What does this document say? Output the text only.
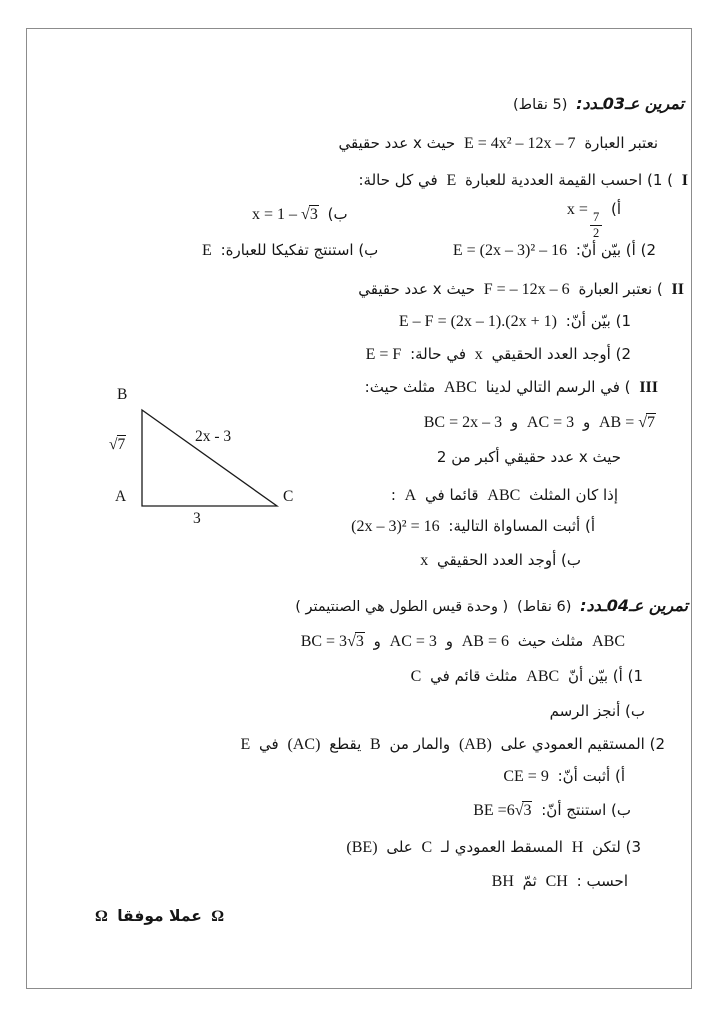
تمرين عـ03ـدد: (5 نقاط)
نعتبر العبارة E = 4x² – 12x – 7 حيث x عدد حقيقي
I ) 1) احسب القيمة العددية للعبارة E في كل حالة:
أ) x =
$\frac{7}{2}$
ب) x = 1 – √3
2) أ) بيّن أنّ: E = (2x – 3)² – 16
ب) استنتج تفكيكا للعبارة: E
II ) نعتبر العبارة F = – 12x – 6 حيث x عدد حقيقي
1) بيّن أنّ: E – F = (2x – 1).(2x + 1)
2) أوجد العدد الحقيقي x في حالة: E = F
III ) في الرسم التالي لدينا ABC مثلث حيث:
AB = √7 و AC = 3 و BC = 2x – 3
حيث x عدد حقيقي أكبر من 2
إذا كان المثلث ABC قائما في A :
أ) أثبت المساواة التالية: (2x – 3)² = 16
ب) أوجد العدد الحقيقي x
B
A	C
√7	2x - 3
3
تمرين عـ04ـدد: (6 نقاط) ( وحدة قيس الطول هي الصنتيمتر )
ABC مثلث حيث AB = 6 و AC = 3 و BC = 3√3
1) أ) بيّن أنّ ABC مثلث قائم في C
ب) أنجز الرسم
2) المستقيم العمودي على (AB) والمار من B يقطع (AC) في E
أ) أثبت أنّ: CE = 9
ب) استنتج أنّ: BE =6√3
3) لتكن H المسقط العمودي لـ C على (BE)
احسب : CH ثمّ BH
Ω عملا موفقا Ω
